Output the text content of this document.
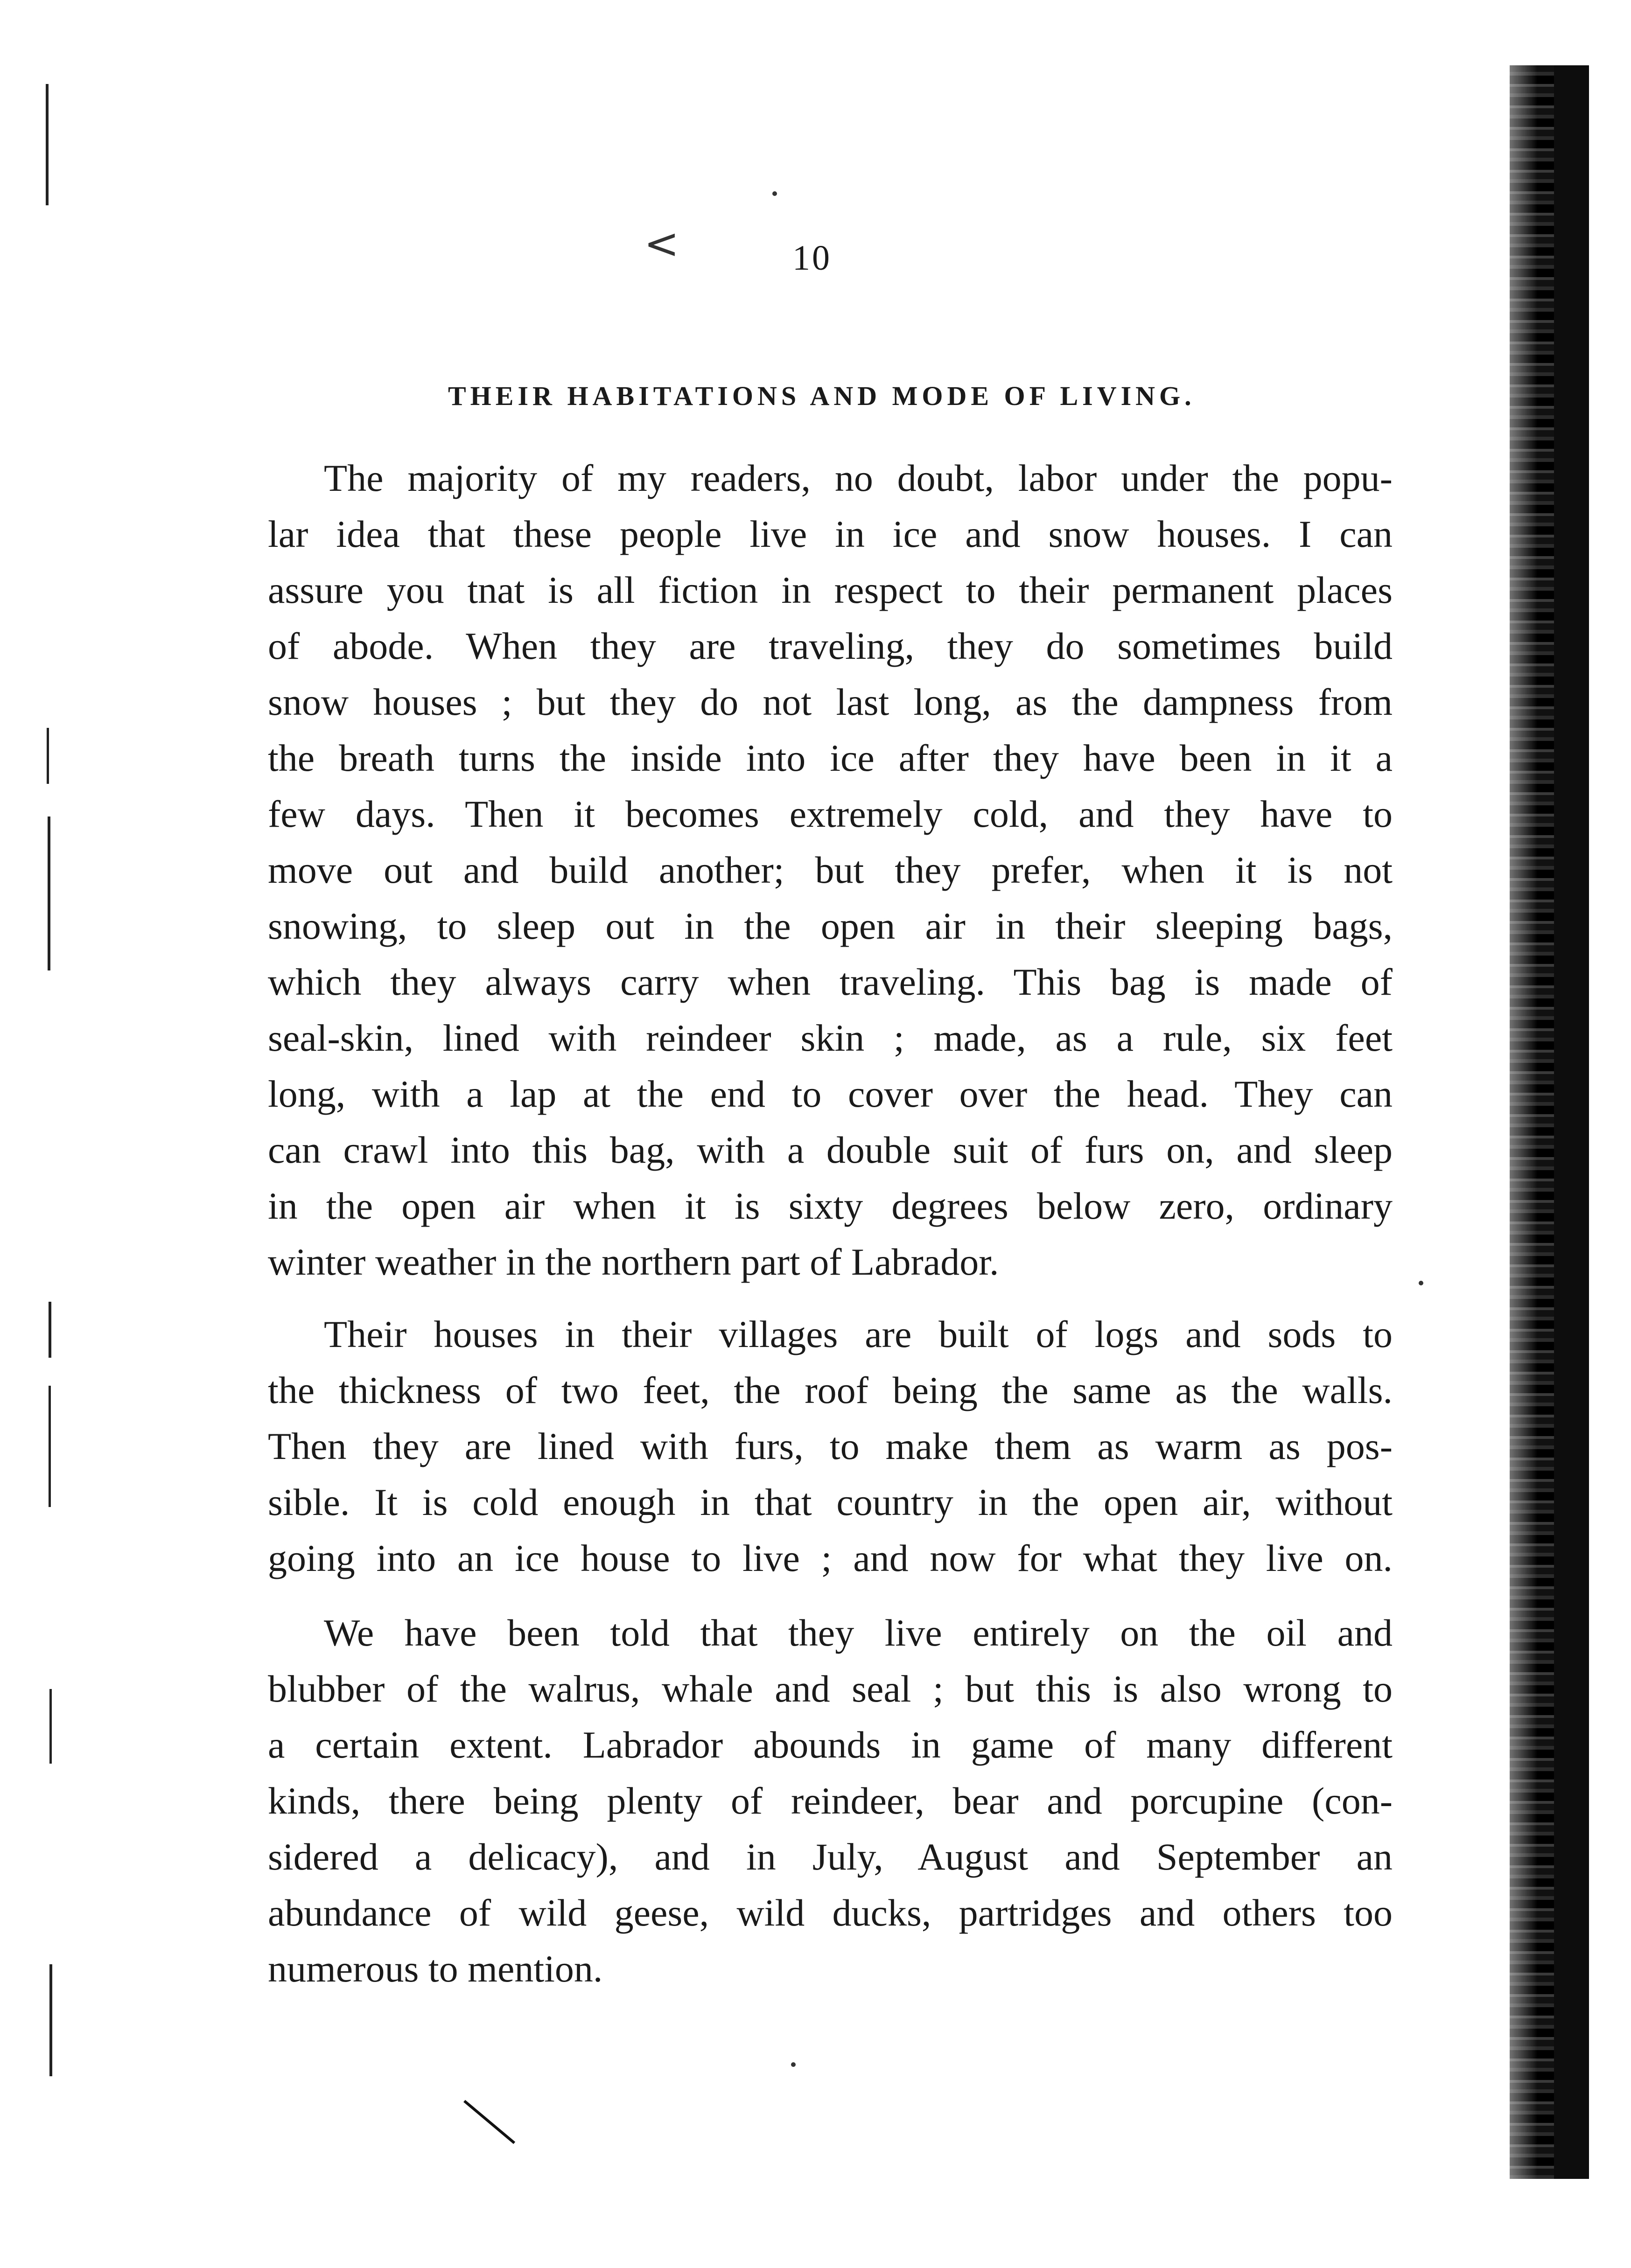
<	10
THEIR HABITATIONS AND MODE OF LIVING.
The majority of my readers, no doubt, labor under the popu-
lar idea that these people live in ice and snow houses. I can
assure you tnat is all fiction in respect to their permanent places
of abode. When they are traveling, they do sometimes build
snow houses ; but they do not last long, as the dampness from
the breath turns the inside into ice after they have been in it a
few days. Then it becomes extremely cold, and they have to
move out and build another; but they prefer, when it is not
snowing, to sleep out in the open air in their sleeping bags,
which they always carry when traveling. This bag is made of
seal-skin, lined with reindeer skin ; made, as a rule, six feet
long, with a lap at the end to cover over the head. They can
can crawl into this bag, with a double suit of furs on, and sleep
in the open air when it is sixty degrees below zero, ordinary
winter weather in the northern part of Labrador.
Their houses in their villages are built of logs and sods to
the thickness of two feet, the roof being the same as the walls.
Then they are lined with furs, to make them as warm as pos-
sible. It is cold enough in that country in the open air, without
going into an ice house to live ; and now for what they live on.
We have been told that they live entirely on the oil and
blubber of the walrus, whale and seal ; but this is also wrong to
a certain extent. Labrador abounds in game of many different
kinds, there being plenty of reindeer, bear and porcupine (con-
sidered a delicacy), and in July, August and September an
abundance of wild geese, wild ducks, partridges and others too
numerous to mention.
